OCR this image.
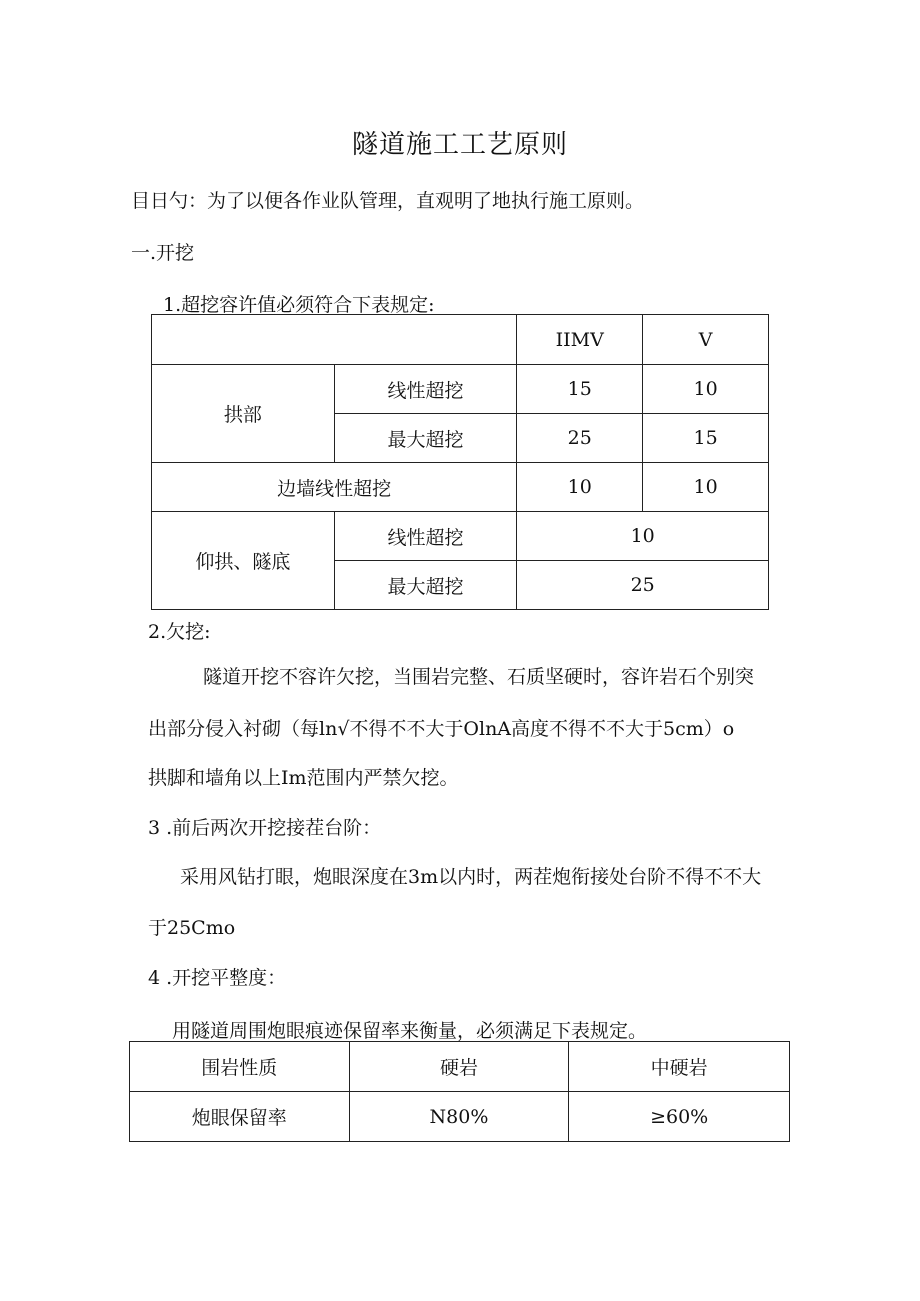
隧道施工工艺原则
目日勺：为了以便各作业队管理，直观明了地执行施工原则。
一.开挖
1.超挖容许值必须符合下表规定:
		IIMV	V
拱部	线性超挖	15	10
	最大超挖	25	15
边墙线性超挖		10	10
仰拱、隧底	线性超挖	10	
	最大超挖	25	
2.欠挖:
隧道开挖不容许欠挖，当围岩完整、石质坚硬时，容许岩石个别突
出部分侵入衬砌（每ln√不得不不大于OlnA高度不得不不大于5cm）o
拱脚和墙角以上Im范围内严禁欠挖。
3 .前后两次开挖接茬台阶：
采用风钻打眼，炮眼深度在3m以内时，两茬炮衔接处台阶不得不不大
于25Cmo
4 .开挖平整度：
用隧道周围炮眼痕迹保留率来衡量，必须满足下表规定。
围岩性质	硬岩	中硬岩
炮眼保留率	N80%	≥60%
